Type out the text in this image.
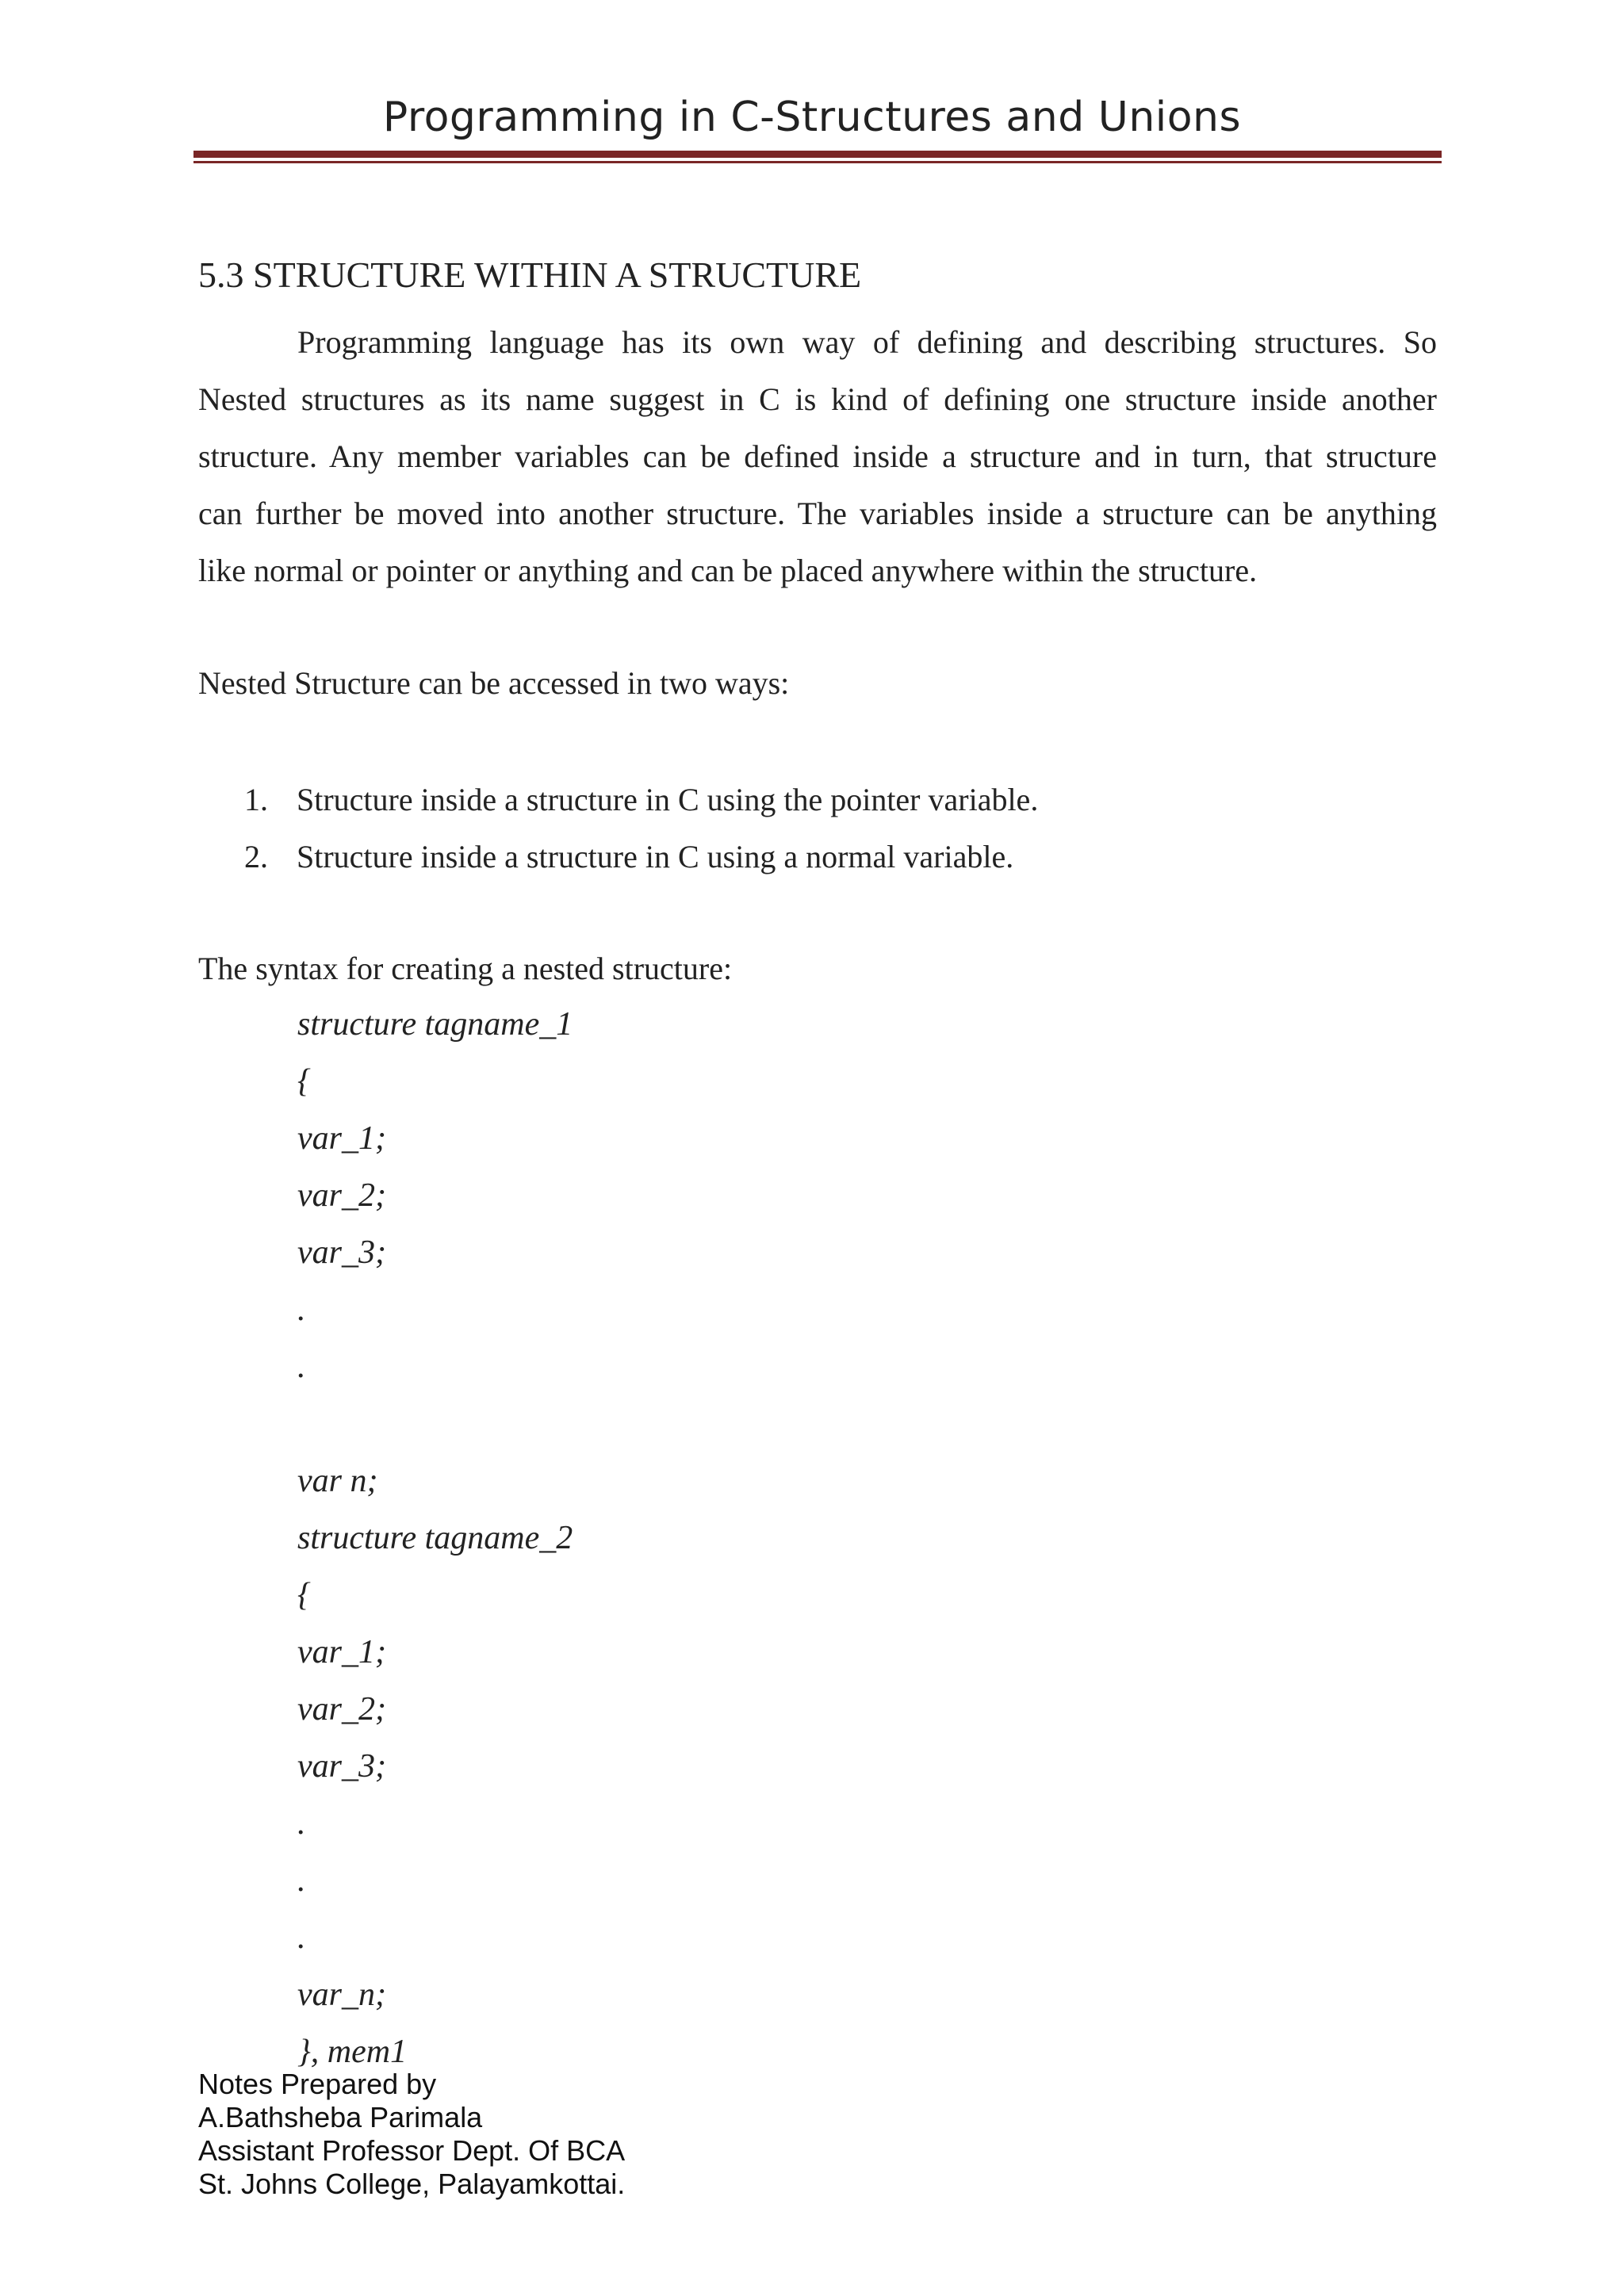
Programming in C-Structures and Unions
5.3 STRUCTURE WITHIN A STRUCTURE
Programming language has its own way of defining and describing structures. So
Nested structures as its name suggest in C is kind of defining one structure inside another
structure. Any member variables can be defined inside a structure and in turn, that structure
can further be moved into another structure. The variables inside a structure can be anything
like normal or pointer or anything and can be placed anywhere within the structure.
Nested Structure can be accessed in two ways:
1. Structure inside a structure in C using the pointer variable.
2. Structure inside a structure in C using a normal variable.
The syntax for creating a nested structure:
structure tagname_1
{
var_1;
var_2;
var_3;
.
.
var n;
structure tagname_2
{
var_1;
var_2;
var_3;
.
.
.
var_n;
}, mem1
Notes Prepared by
A.Bathsheba Parimala
Assistant Professor Dept. Of BCA
St. Johns College, Palayamkottai.
